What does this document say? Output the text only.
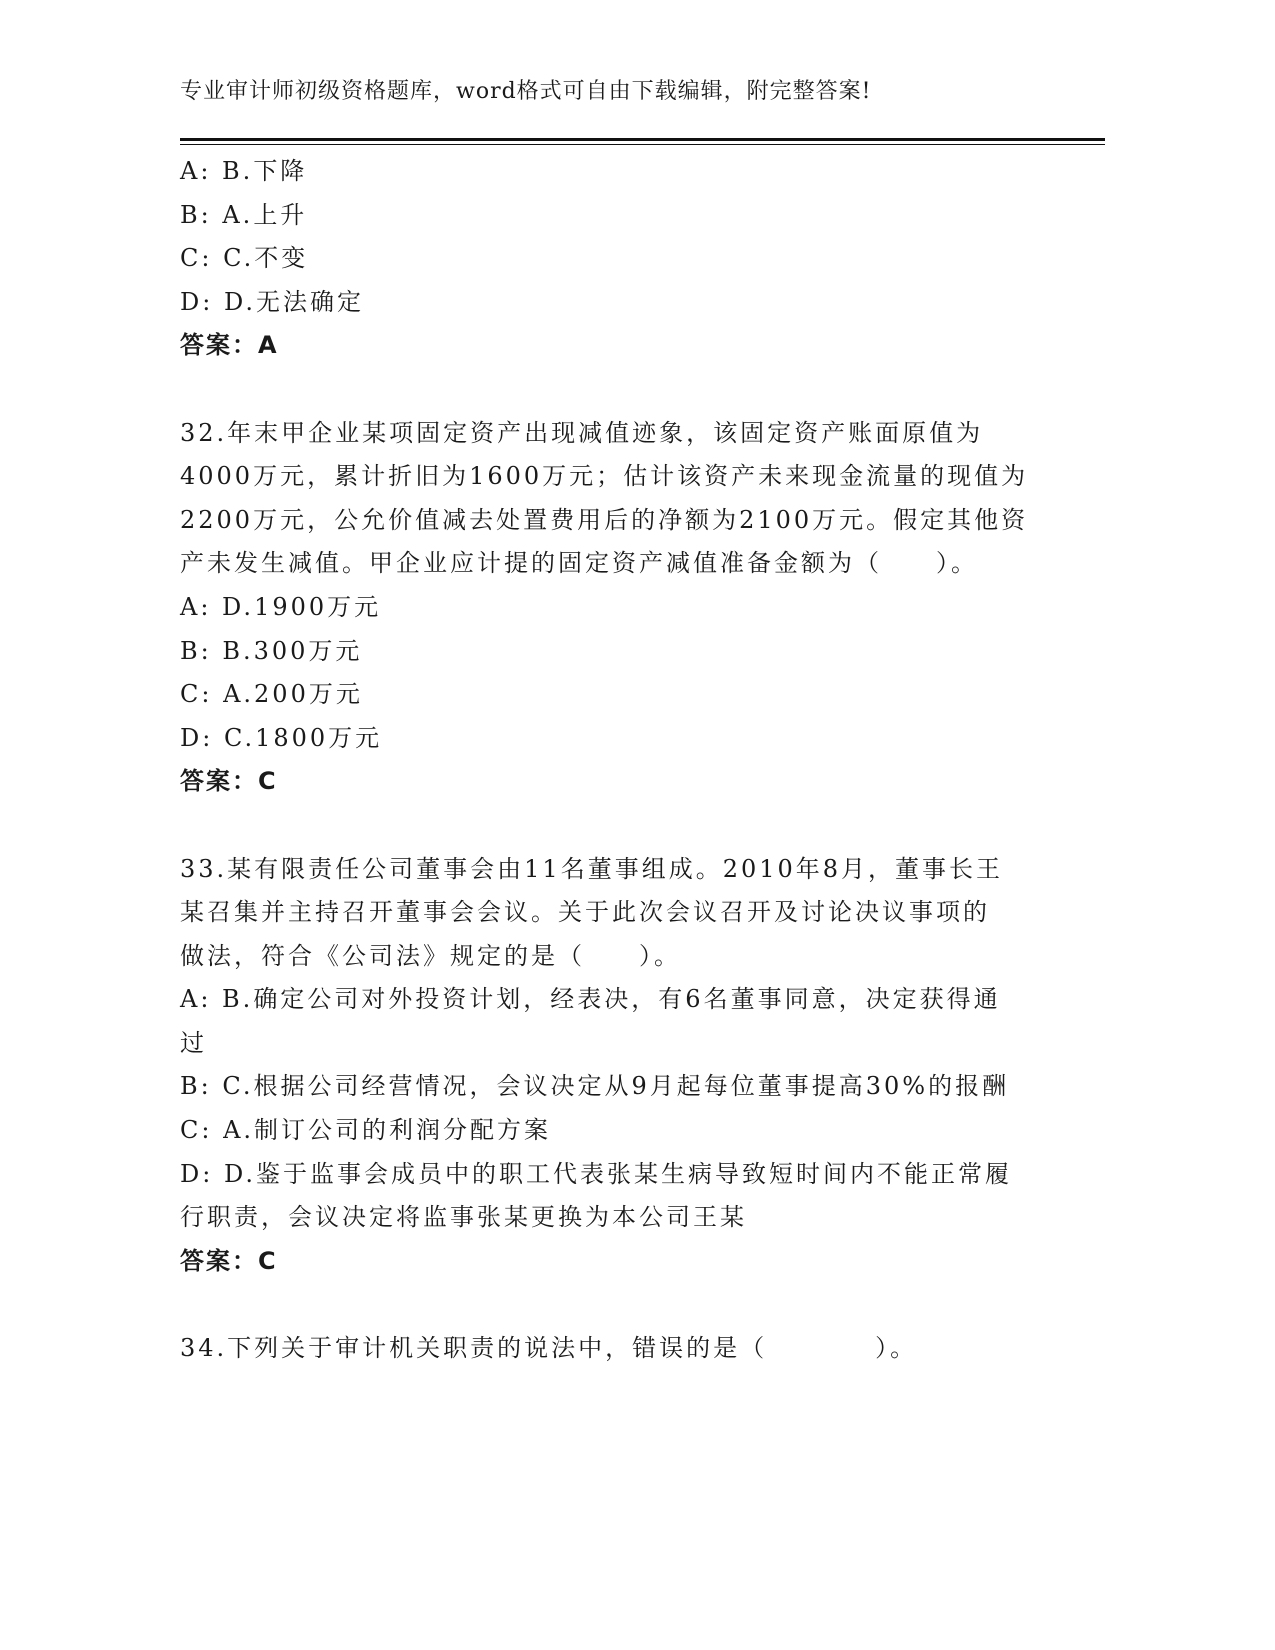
专业审计师初级资格题库，word格式可自由下载编辑，附完整答案!
A: B.下降
B: A.上升
C: C.不变
D: D.无法确定
答案：A
32.年末甲企业某项固定资产出现减值迹象，该固定资产账面原值为
4000万元，累计折旧为1600万元；估计该资产未来现金流量的现值为
2200万元，公允价值减去处置费用后的净额为2100万元。假定其他资
产未发生减值。甲企业应计提的固定资产减值准备金额为（　　）。
A: D.1900万元
B: B.300万元
C: A.200万元
D: C.1800万元
答案：C
33.某有限责任公司董事会由11名董事组成。2010年8月，董事长王
某召集并主持召开董事会会议。关于此次会议召开及讨论决议事项的
做法，符合《公司法》规定的是（　　）。
A: B.确定公司对外投资计划，经表决，有6名董事同意，决定获得通
过
B: C.根据公司经营情况，会议决定从9月起每位董事提高30%的报酬
C: A.制订公司的利润分配方案
D: D.鉴于监事会成员中的职工代表张某生病导致短时间内不能正常履
行职责，会议决定将监事张某更换为本公司王某
答案：C
34.下列关于审计机关职责的说法中，错误的是（　　　　）。
